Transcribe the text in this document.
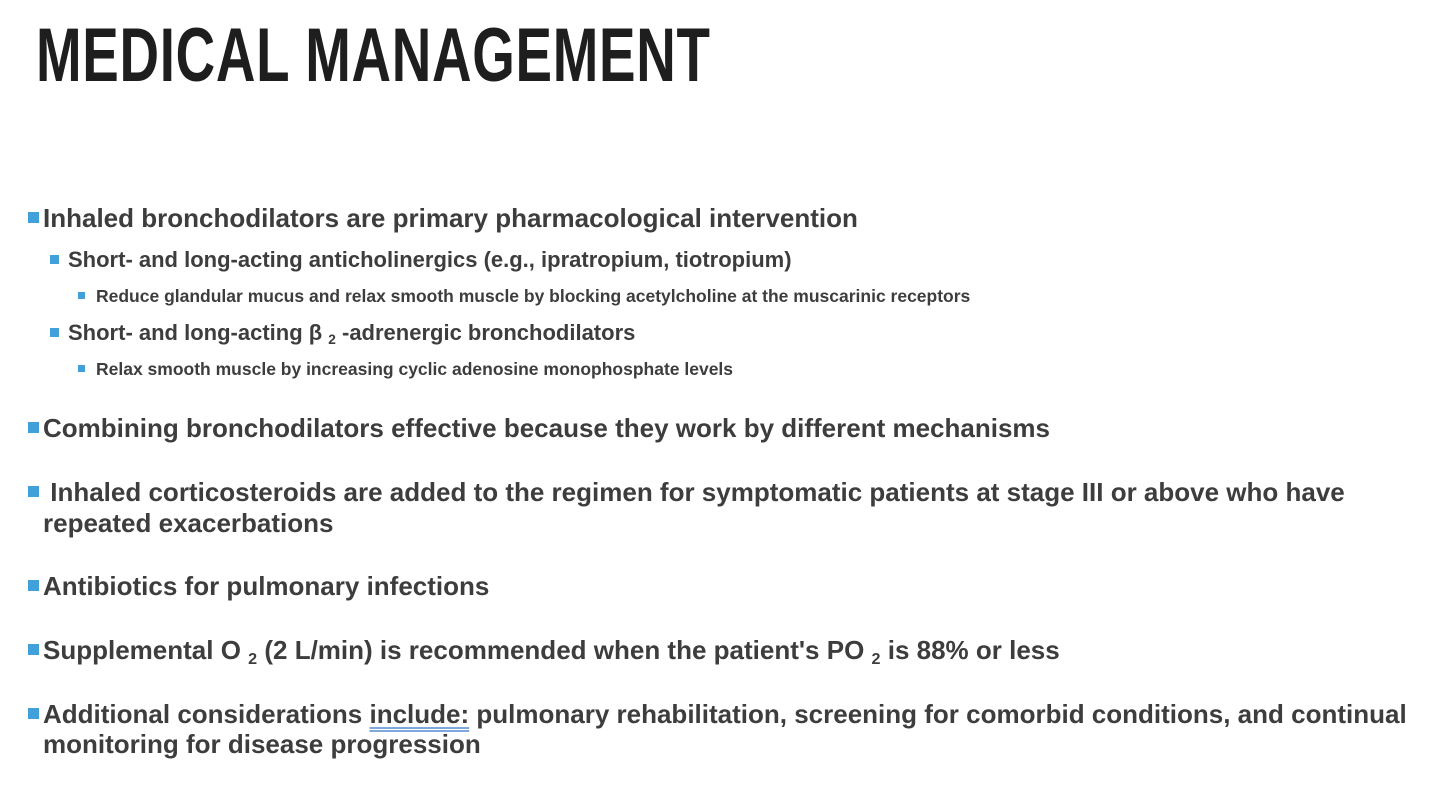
MEDICAL MANAGEMENT
Inhaled bronchodilators are primary pharmacological intervention
Short- and long-acting anticholinergics (e.g., ipratropium, tiotropium)
Reduce glandular mucus and relax smooth muscle by blocking acetylcholine at the muscarinic receptors
Short- and long-acting β 2 -adrenergic bronchodilators
Relax smooth muscle by increasing cyclic adenosine monophosphate levels
Combining bronchodilators effective because they work by different mechanisms
Inhaled corticosteroids are added to the regimen for symptomatic patients at stage III or above who have repeated exacerbations
Antibiotics for pulmonary infections
Supplemental O 2 (2 L/min) is recommended when the patient's PO 2 is 88% or less
Additional considerations include: pulmonary rehabilitation, screening for comorbid conditions, and continual monitoring for disease progression
